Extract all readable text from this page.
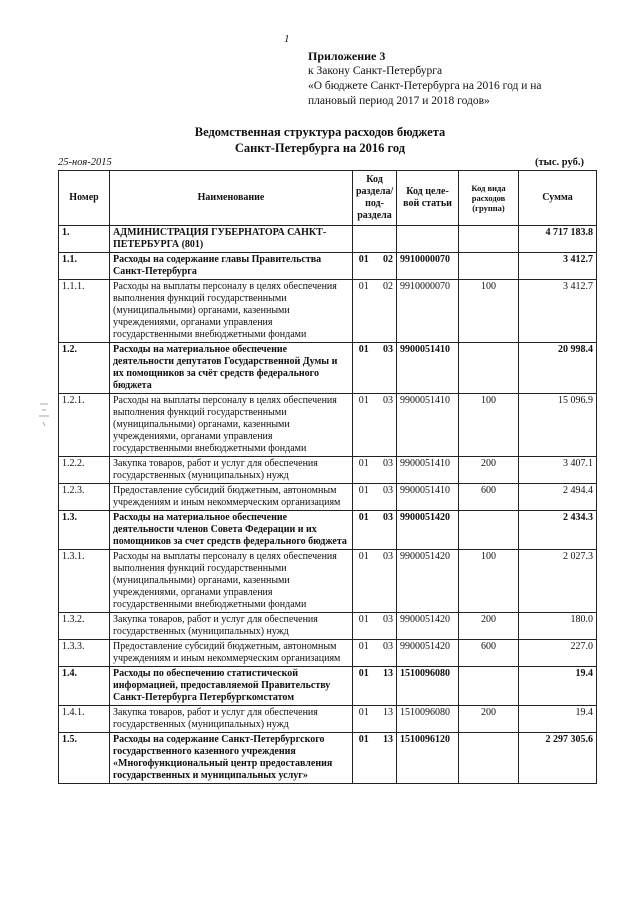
1
Приложение 3
к Закону Санкт-Петербурга
«О бюджете Санкт-Петербурга на 2016 год и на
плановый период 2017 и 2018 годов»
Ведомственная структура расходов бюджета
Санкт-Петербурга на 2016 год
25-ноя-2015	(тыс. руб.)
Номер	Наименование	Код раздела/ под-раздела		Код целе-вой статьи	Код вида расходов (группа)	Сумма
1.	АДМИНИСТРАЦИЯ ГУБЕРНАТОРА САНКТ-ПЕТЕРБУРГА (801)					4 717 183.8
1.1.	Расходы на содержание главы Правительства Санкт-Петербурга	01	02	9910000070		3 412.7
1.1.1.	Расходы на выплаты персоналу в целях обеспечения выполнения функций государственными (муниципальными) органами, казенными учреждениями, органами управления государственными внебюджетными фондами	01	02	9910000070	100	3 412.7
1.2.	Расходы на материальное обеспечение деятельности депутатов Государственной Думы и их помощников за счёт средств федерального бюджета	01	03	9900051410		20 998.4
1.2.1.	Расходы на выплаты персоналу в целях обеспечения выполнения функций государственными (муниципальными) органами, казенными учреждениями, органами управления государственными внебюджетными фондами	01	03	9900051410	100	15 096.9
1.2.2.	Закупка товаров, работ и услуг для обеспечения государственных (муниципальных) нужд	01	03	9900051410	200	3 407.1
1.2.3.	Предоставление субсидий бюджетным, автономным учреждениям и иным некоммерческим организациям	01	03	9900051410	600	2 494.4
1.3.	Расходы на материальное обеспечение деятельности членов Совета Федерации и их помощников за счет средств федерального бюджета	01	03	9900051420		2 434.3
1.3.1.	Расходы на выплаты персоналу в целях обеспечения выполнения функций государственными (муниципальными) органами, казенными учреждениями, органами управления государственными внебюджетными фондами	01	03	9900051420	100	2 027.3
1.3.2.	Закупка товаров, работ и услуг для обеспечения государственных (муниципальных) нужд	01	03	9900051420	200	180.0
1.3.3.	Предоставление субсидий бюджетным, автономным учреждениям и иным некоммерческим организациям	01	03	9900051420	600	227.0
1.4.	Расходы по обеспечению статистической информацией, предоставляемой Правительству Санкт-Петербурга Петербургкомстатом	01	13	1510096080		19.4
1.4.1.	Закупка товаров, работ и услуг для обеспечения государственных (муниципальных) нужд	01	13	1510096080	200	19.4
1.5.	Расходы на содержание Санкт-Петербургского государственного казенного учреждения «Многофункциональный центр предоставления государственных и муниципальных услуг»	01	13	1510096120		2 297 305.6
